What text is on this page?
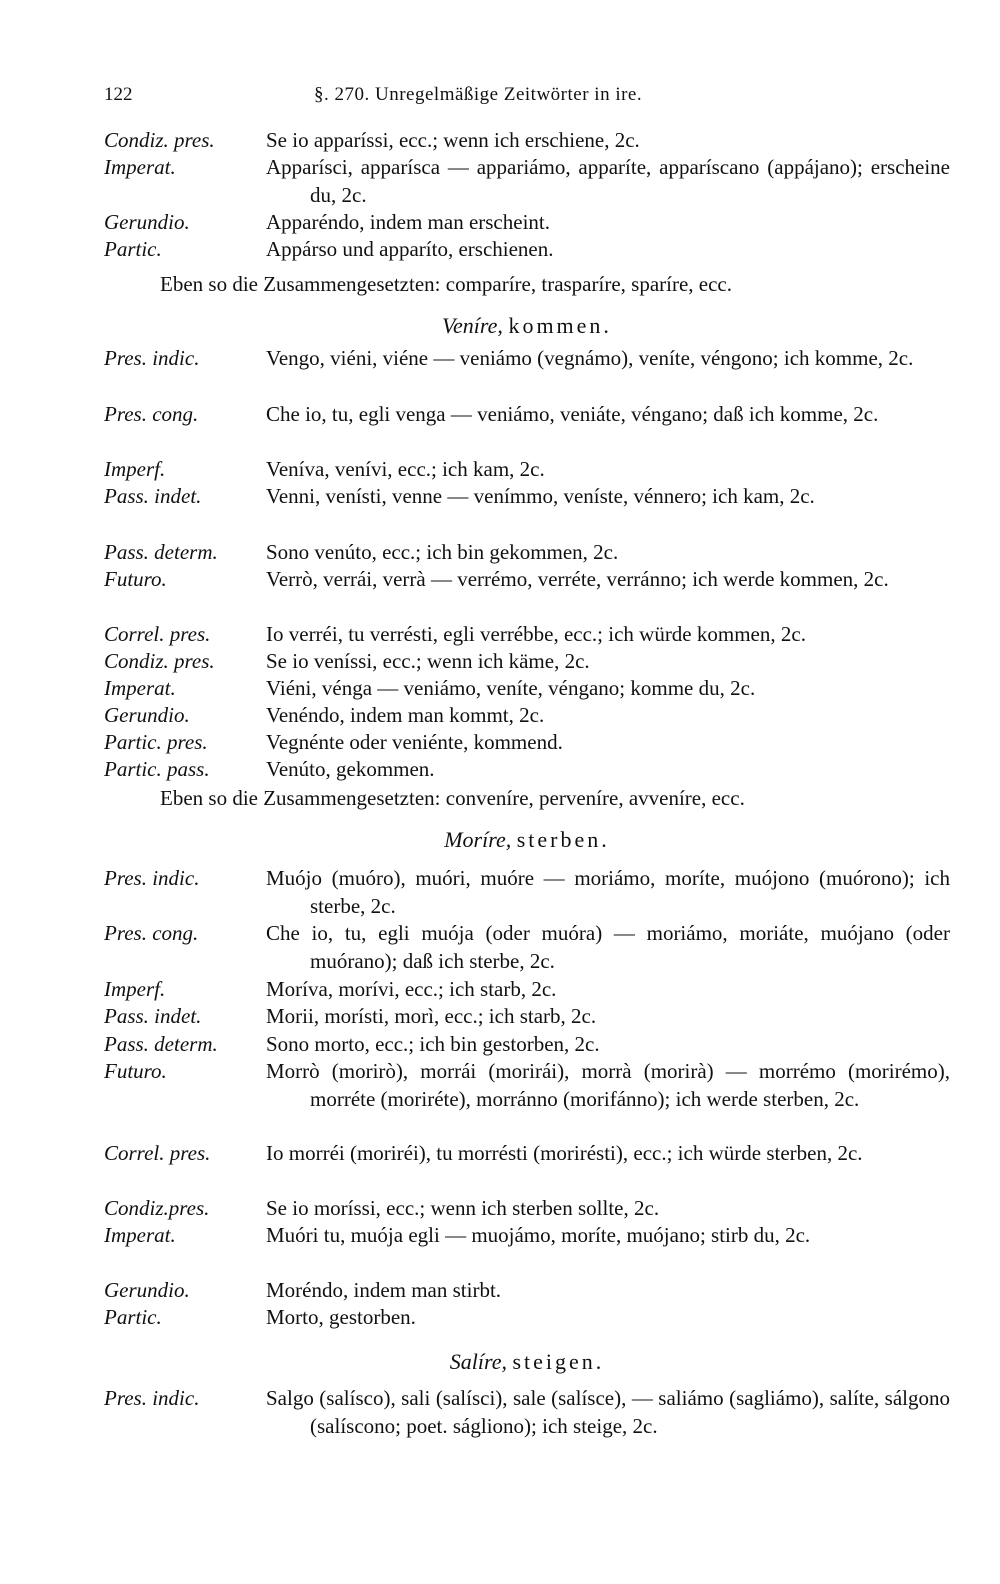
122	§. 270. Unregelmäßige Zeitwörter in ire.
Condiz. pres.	Se io apparíssi, ecc.; wenn ich erschiene, 2c.
Imperat.	Apparísci, apparísca — appariámo, apparíte, apparíscano (appájano); erscheine du, 2c.
Gerundio.	Apparéndo, indem man erscheint.
Partic.	Appárso und apparíto, erschienen.
Eben so die Zusammengesetzten: comparíre, trasparíre, sparíre, ecc.
Veníre, kommen.
Pres. indic.	Vengo, viéni, viéne — veniámo (vegnámo), veníte, véngono; ich komme, 2c.
Pres. cong.	Che io, tu, egli venga — veniámo, veniáte, véngano; daß ich komme, 2c.
Imperf.	Veníva, venívi, ecc.; ich kam, 2c.
Pass. indet.	Venni, venísti, venne — venímmo, veníste, vénnero; ich kam, 2c.
Pass. determ.	Sono venúto, ecc.; ich bin gekommen, 2c.
Futuro.	Verrò, verrái, verrà — verrémo, verréte, verránno; ich werde kommen, 2c.
Correl. pres.	Io verréi, tu verrésti, egli verrébbe, ecc.; ich würde kommen, 2c.
Condiz. pres.	Se io veníssi, ecc.; wenn ich käme, 2c.
Imperat.	Viéni, vénga — veniámo, veníte, véngano; komme du, 2c.
Gerundio.	Venéndo, indem man kommt, 2c.
Partic. pres.	Vegnénte oder veniénte, kommend.
Partic. pass.	Venúto, gekommen.
Eben so die Zusammengesetzten: conveníre, perveníre, avveníre, ecc.
Moríre, sterben.
Pres. indic.	Muójo (muóro), muóri, muóre — moriámo, moríte, muójono (muórono); ich sterbe, 2c.
Pres. cong.	Che io, tu, egli muója (oder muóra) — moriámo, moriáte, muójano (oder muórano); daß ich sterbe, 2c.
Imperf.	Moríva, morívi, ecc.; ich starb, 2c.
Pass. indet.	Morii, morísti, morì, ecc.; ich starb, 2c.
Pass. determ.	Sono morto, ecc.; ich bin gestorben, 2c.
Futuro.	Morrò (morirò), morrái (morirái), morrà (morirà) — morrémo (morirémo), morréte (moriréte), morránno (morifánno); ich werde sterben, 2c.
Correl. pres.	Io morréi (moriréi), tu morrésti (morirésti), ecc.; ich würde sterben, 2c.
Condiz.pres.	Se io moríssi, ecc.; wenn ich sterben sollte, 2c.
Imperat.	Muóri tu, muója egli — muojámo, moríte, muójano; stirb du, 2c.
Gerundio.	Moréndo, indem man stirbt.
Partic.	Morto, gestorben.
Salíre, steigen.
Pres. indic.	Salgo (salísco), sali (salísci), sale (salísce), — saliámo (sagliámo), salíte, sálgono (salíscono; poet. ságliono); ich steige, 2c.
